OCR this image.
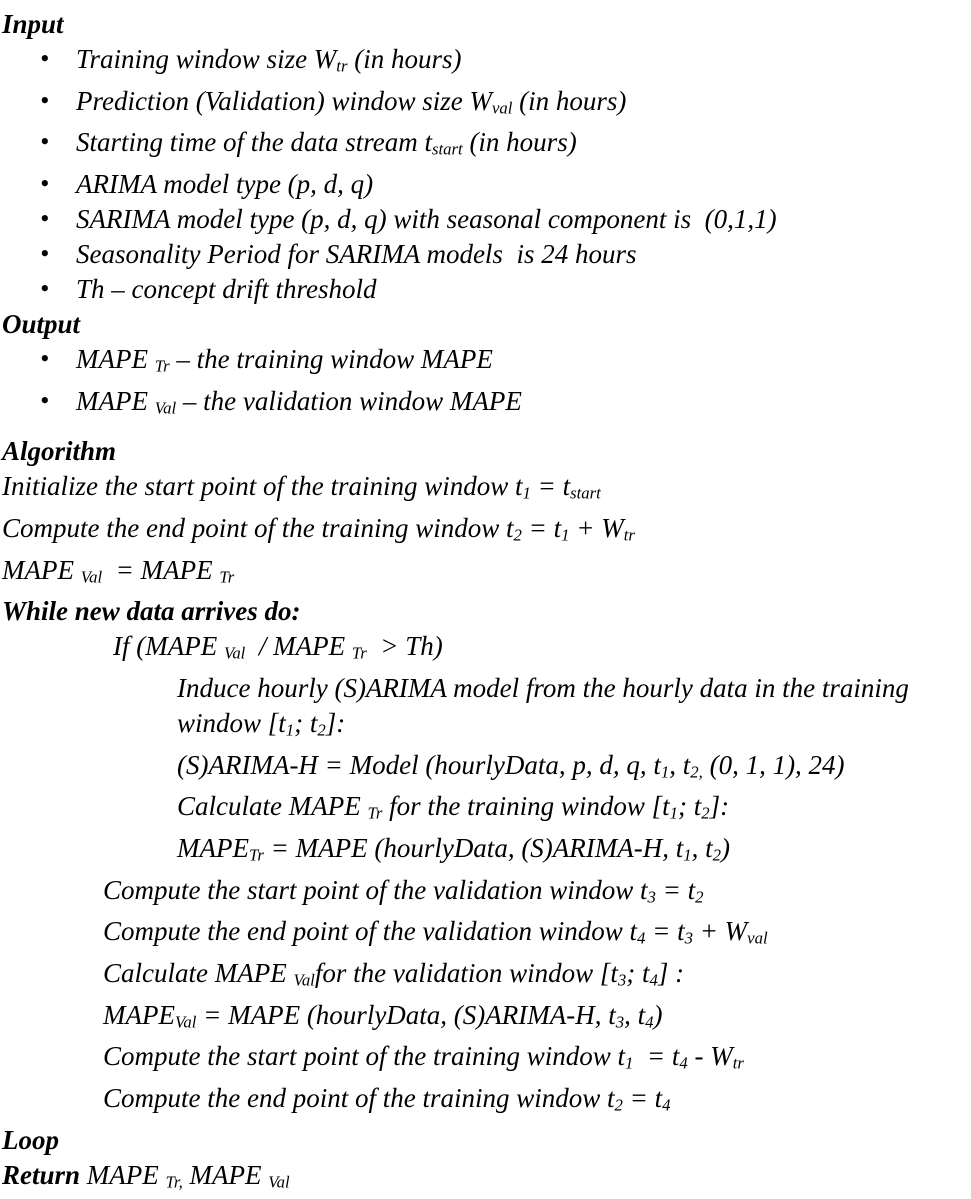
Input
• Training window size $W_{tr}$ (in hours)
• Prediction (Validation) window size $W_{val}$ (in hours)
• Starting time of the data stream $t_{start}$ (in hours)
• ARIMA model type (p, d, q)
• SARIMA model type (p, d, q) with seasonal component is  (0,1,1)
• Seasonality Period for SARIMA models  is 24 hours
• Th – concept drift threshold
Output
• MAPE $_{Tr}$ – the training window MAPE
• MAPE $_{Val}$ – the validation window MAPE
Algorithm
Initialize the start point of the training window $t_1 = t_{start}$
Compute the end point of the training window $t_2 = t_1 + W_{tr}$
MAPE $_{Val}$  = MAPE $_{Tr}$
While new data arrives do:
If (MAPE $_{Val}$  / MAPE $_{Tr}$  > Th)
Induce hourly (S)ARIMA model from the hourly data in the training
window [$t_1$; $t_2$]:
(S)ARIMA-H = Model (hourlyData, p, d, q, $t_1$, $t_{2,}$ (0, 1, 1), 24)
Calculate MAPE $_{Tr}$ for the training window [$t_1$; $t_2$]:
$MAPE_{Tr}$ = MAPE (hourlyData, (S)ARIMA-H, $t_1$, $t_2$)
Compute the start point of the validation window $t_3 = t_2$
Compute the end point of the validation window $t_4 = t_3 + W_{val}$
Calculate MAPE $_{Val}$for the validation window [$t_3$; $t_4$] :
$MAPE_{Val}$ = MAPE (hourlyData, (S)ARIMA-H, $t_3$, $t_4$)
Compute the start point of the training window $t_1 = t_4 - W_{tr}$
Compute the end point of the training window $t_2 = t_4$
Loop
Return MAPE $_{Tr,}$ MAPE $_{Val}$
